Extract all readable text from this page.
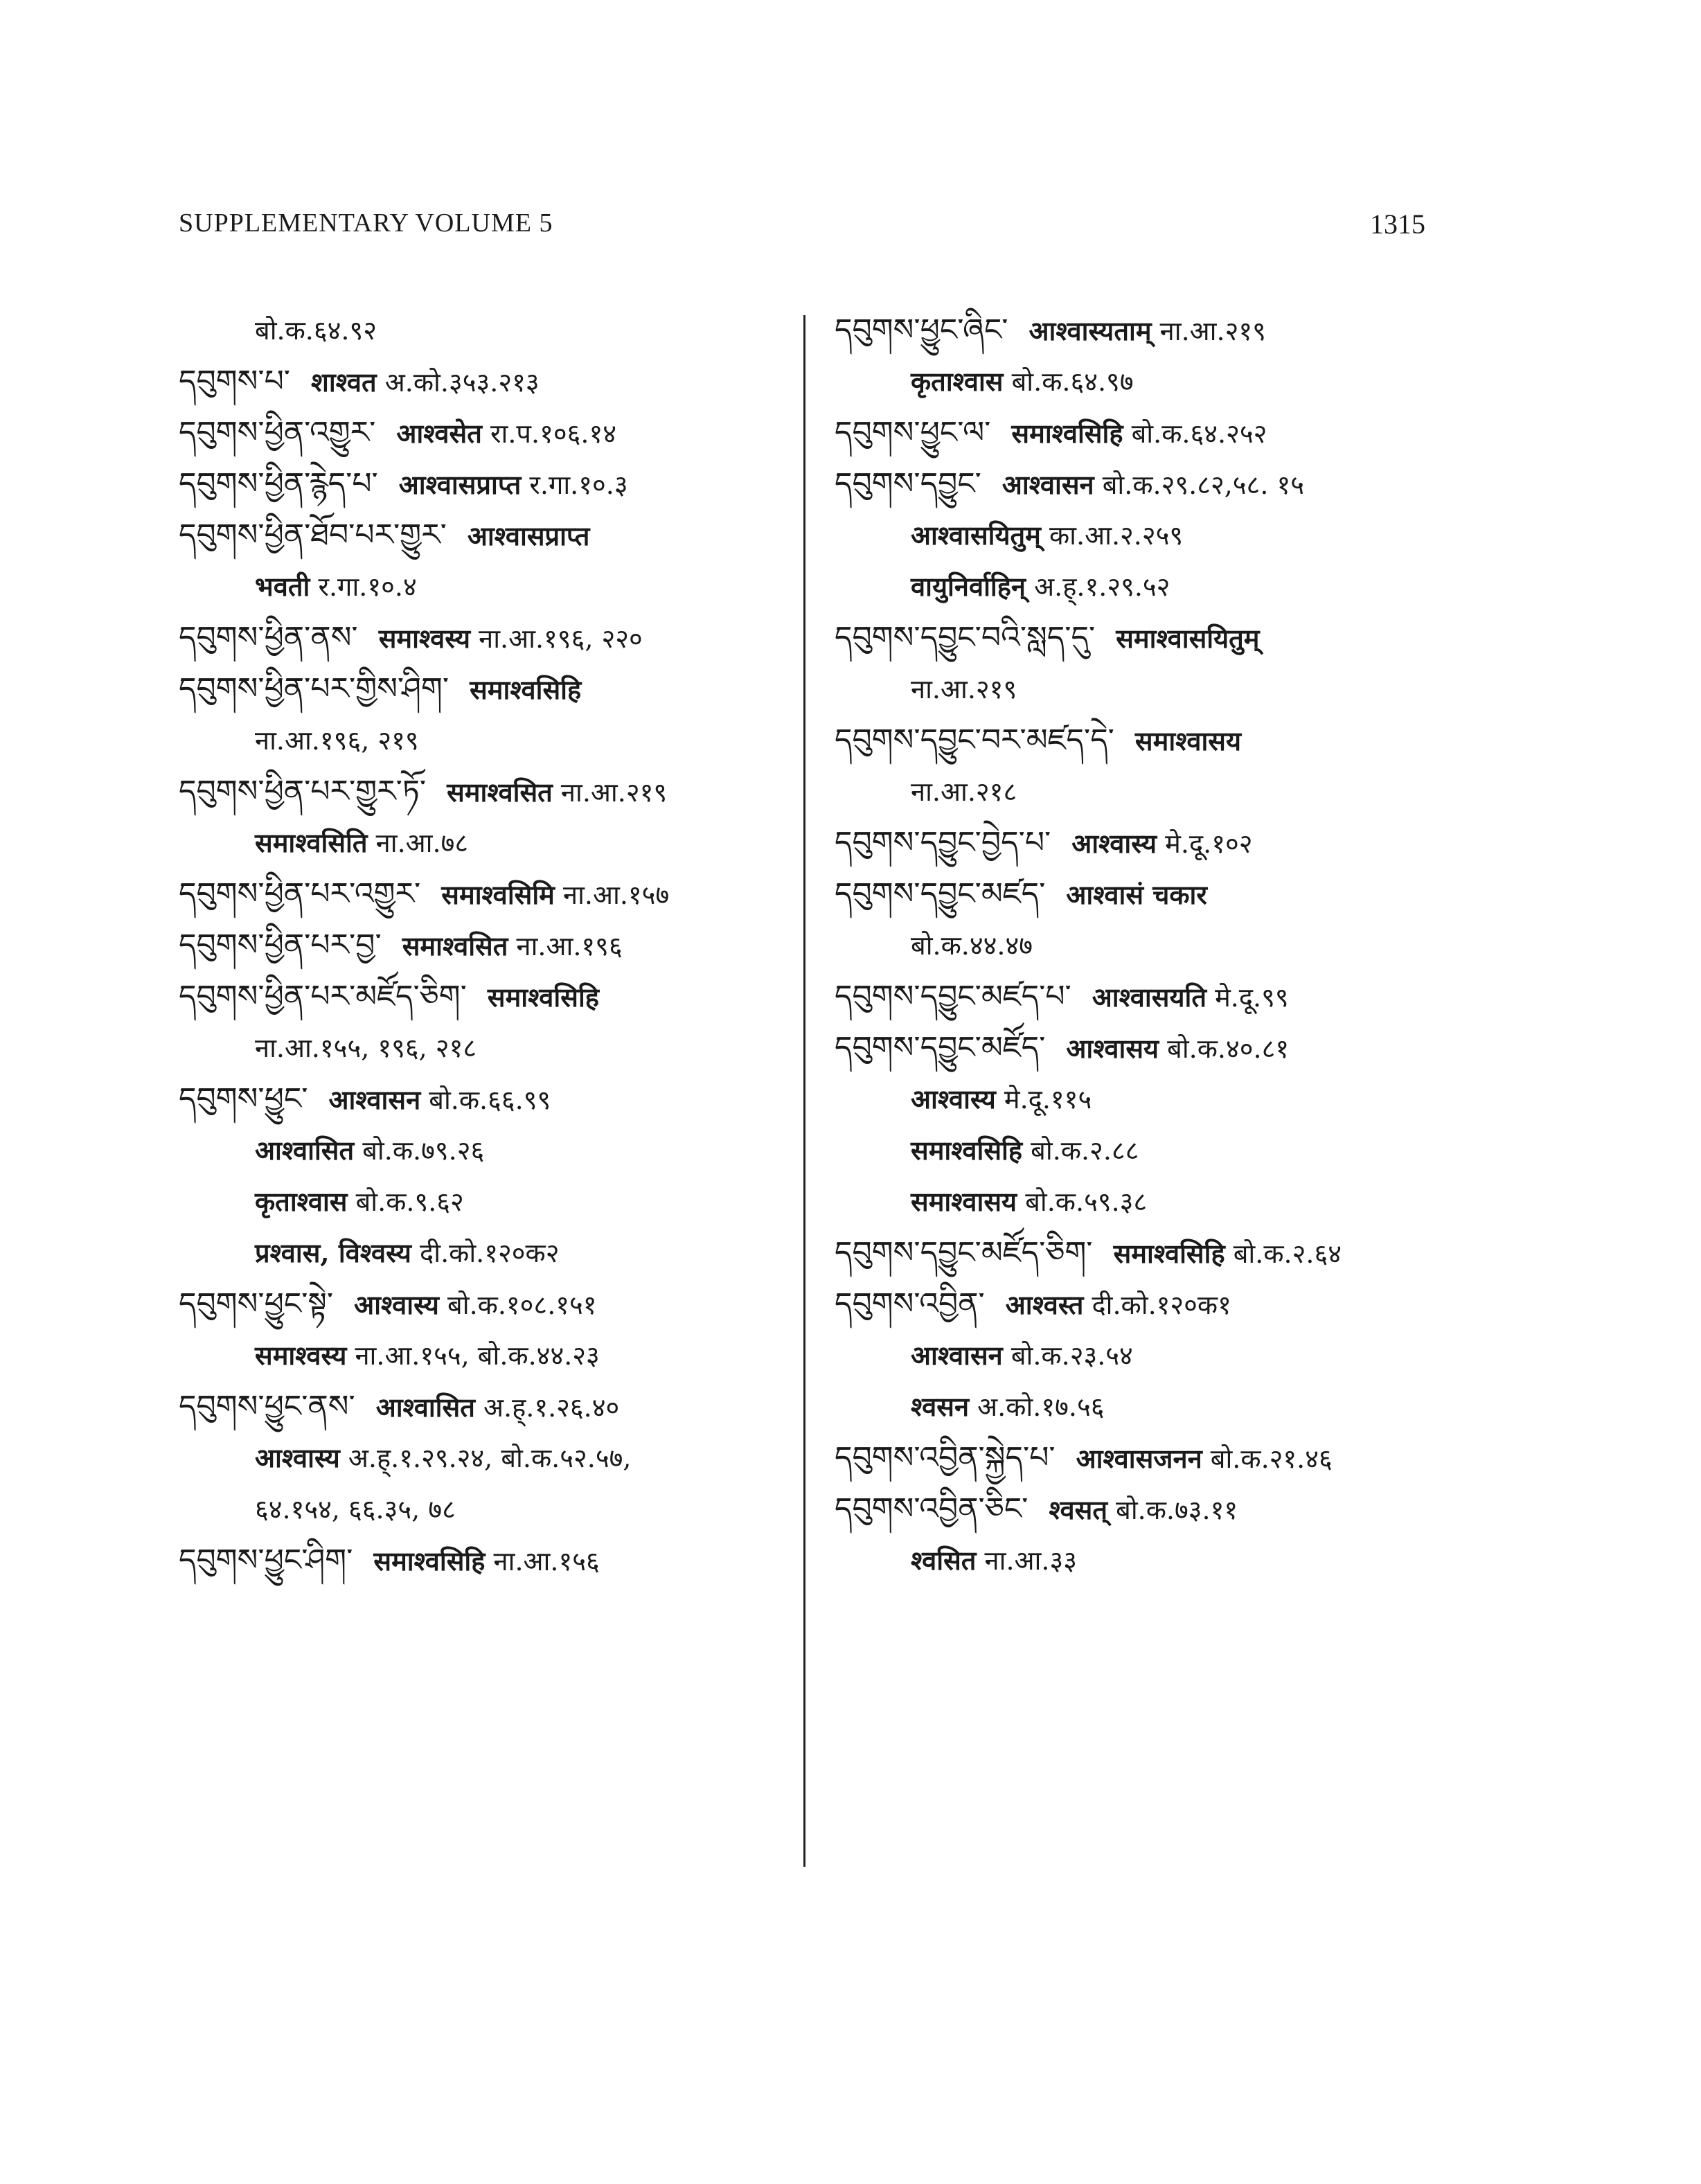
SUPPLEMENTARY VOLUME 5	1315
बो.क.६४.९२
དབུགས་པ་ शाश्वत अ.को.३५३.२१३
དབུགས་ཕྱིན་འགྱུར་ आश्वसेत रा.प.१०६.१४
དབུགས་ཕྱིན་རྙེད་པ་ आश्वासप्राप्त र.गा.१०.३
དབུགས་ཕྱིན་ཐོབ་པར་གྱུར་ आश्वासप्राप्त
भवती र.गा.१०.४
དབུགས་ཕྱིན་ནས་ समाश्वस्य ना.आ.१९६, २२०
དབུགས་ཕྱིན་པར་གྱིས་ཤིག་ समाश्वसिहि
ना.आ.१९६, २१९
དབུགས་ཕྱིན་པར་གྱུར་ཏོ་ समाश्वसित ना.आ.२१९
समाश्वसिति ना.आ.७८
དབུགས་ཕྱིན་པར་འགྱུར་ समाश्वसिमि ना.आ.१५७
དབུགས་ཕྱིན་པར་བྱ་ समाश्वसित ना.आ.१९६
དབུགས་ཕྱིན་པར་མཛོད་ཅིག་ समाश्वसिहि
ना.आ.१५५, १९६, २१८
དབུགས་ཕྱུང་ आश्वासन बो.क.६६.९९
आश्वासित बो.क.७९.२६
कृताश्वास बो.क.९.६२
प्रश्वास, विश्वस्य दी.को.१२०क२
དབུགས་ཕྱུང་སྟེ་ आश्वास्य बो.क.१०८.१५१
समाश्वस्य ना.आ.१५५, बो.क.४४.२३
དབུགས་ཕྱུང་ནས་ आश्वासित अ.ह्.१.२६.४०
आश्वास्य अ.ह्.१.२९.२४, बो.क.५२.५७,
६४.१५४, ६६.३५, ७८
དབུགས་ཕྱུང་ཤིག་ समाश्वसिहि ना.आ.१५६
དབུགས་ཕྱུང་ཞིང་ आश्वास्यताम् ना.आ.२१९
कृताश्वास बो.क.६४.९७
དབུགས་ཕྱུང་ལ་ समाश्वसिहि बो.क.६४.२५२
དབུགས་དབྱུང་ आश्वासन बो.क.२९.८२,५८. १५
आश्वासयितुम् का.आ.२.२५९
वायुनिर्वाहिन् अ.ह्.१.२९.५२
དབུགས་དབྱུང་བའི་སླད་དུ་ समाश्वासयितुम्
ना.आ.२१९
དབུགས་དབྱུང་བར་མཛད་དེ་ समाश्वासय
ना.आ.२१८
དབུགས་དབྱུང་བྱེད་པ་ आश्वास्य मे.दू.१०२
དབུགས་དབྱུང་མཛད་ आश्वासं चकार
बो.क.४४.४७
དབུགས་དབྱུང་མཛད་པ་ आश्वासयति मे.दू.९९
དབུགས་དབྱུང་མཛོད་ आश्वासय बो.क.४०.८१
आश्वास्य मे.दू.११५
समाश्वसिहि बो.क.२.८८
समाश्वासय बो.क.५९.३८
དབུགས་དབྱུང་མཛོད་ཅིག་ समाश्वसिहि बो.क.२.६४
དབུགས་འབྱིན་ आश्वस्त दी.को.१२०क१
आश्वासन बो.क.२३.५४
श्वसन अ.को.१७.५६
དབུགས་འབྱིན་སྐྱེད་པ་ आश्वासजनन बो.क.२१.४६
དབུགས་འབྱིན་ཅིང་ श्वसत् बो.क.७३.११
श्वसित ना.आ.३३
